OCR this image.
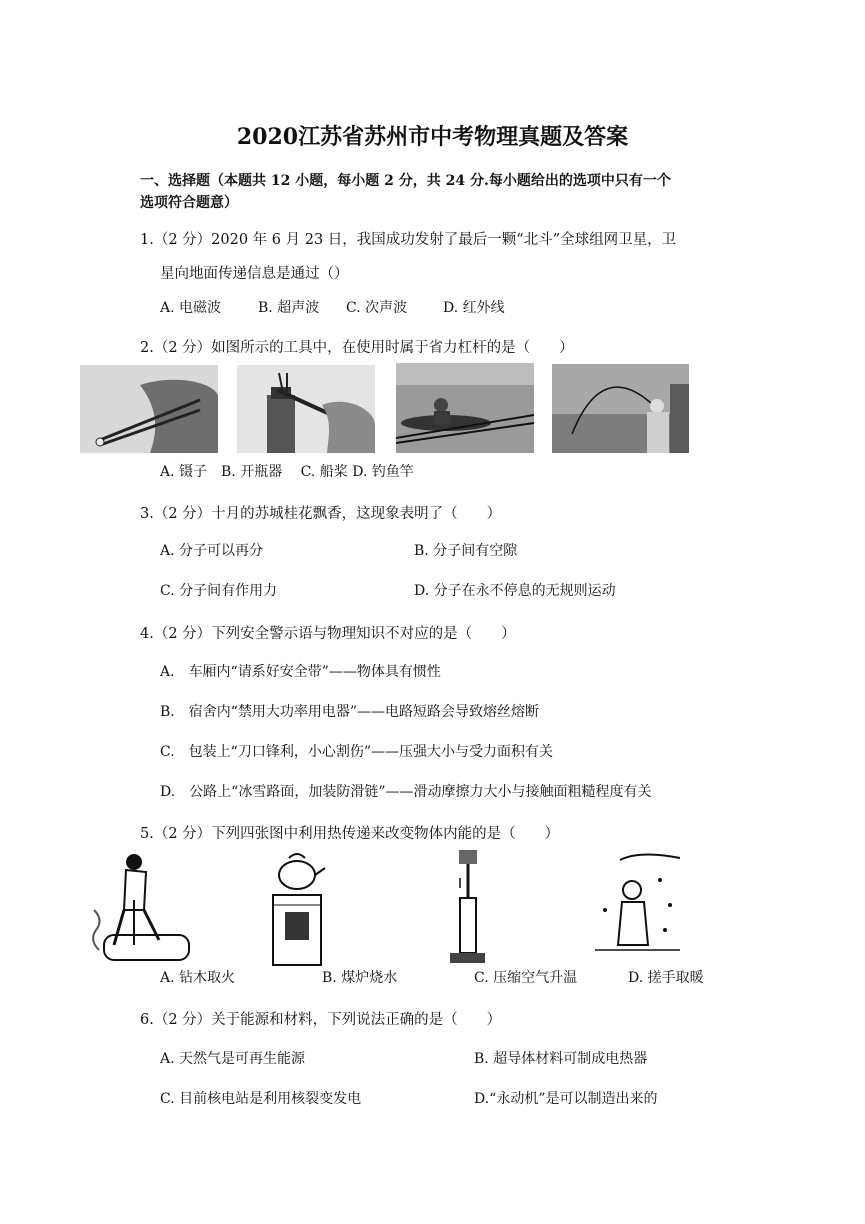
2020江苏省苏州市中考物理真题及答案
一、选择题（本题共 12 小题，每小题 2 分，共 24 分.每小题给出的选项中只有一个
选项符合题意）
1.（2 分）2020 年 6 月 23 日，我国成功发射了最后一颗“北斗”全球组网卫星，卫
星向地面传递信息是通过（）
A. 电磁波	B. 超声波 C. 次声波	D. 红外线
2.（2 分）如图所示的工具中，在使用时属于省力杠杆的是（　　）
A. 镊子　B. 开瓶器　 C. 船桨 D. 钓鱼竿
3.（2 分）十月的苏城桂花飘香，这现象表明了（　　）
A. 分子可以再分	B. 分子间有空隙
C. 分子间有作用力	D. 分子在永不停息的无规则运动
4.（2 分）下列安全警示语与物理知识不对应的是（　　）
A.　车厢内“请系好安全带”——物体具有惯性
B.　宿舍内“禁用大功率用电器”——电路短路会导致熔丝熔断
C.　包装上“刀口锋利，小心割伤”——压强大小与受力面积有关
D.　公路上“冰雪路面，加装防滑链”——滑动摩擦力大小与接触面粗糙程度有关
5.（2 分）下列四张图中利用热传递来改变物体内能的是（　　）
A. 钻木取火	B. 煤炉烧水	C. 压缩空气升温	D. 搓手取暖
6.（2 分）关于能源和材料，下列说法正确的是（　　）
A. 天然气是可再生能源	B. 超导体材料可制成电热器
C. 目前核电站是利用核裂变发电	D.“永动机”是可以制造出来的
